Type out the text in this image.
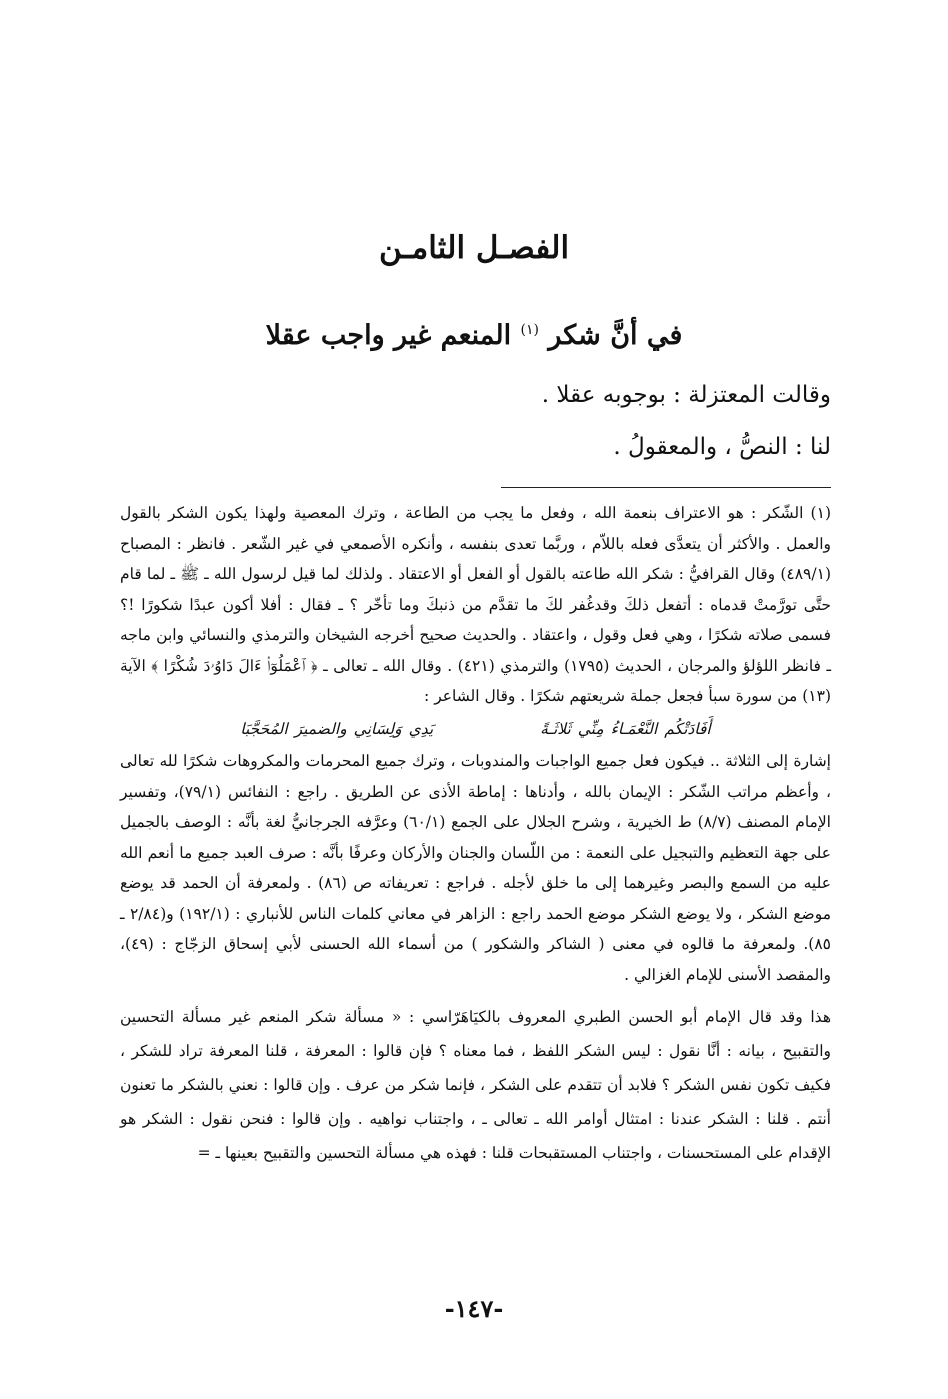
الفصـل الثامـن
في أنَّ شكر $^{(١)}$ المنعم غير واجب عقلا
وقالت المعتزلة : بوجوبه عقلا .
لنا : النصُّ ، والمعقولُ .

(١) الشّكر : هو الاعتراف بنعمة الله ، وفعل ما يجب من الطاعة ، وترك المعصية ولهذا يكون الشكر بالقول والعمل . والأكثر أن يتعدَّى فعله باللاّم ، وربَّما تعدى بنفسه ، وأنكره الأصمعي في غير الشّعر . فانظر : المصباح (٤٨٩/١) وقال القرافيُّ : شكر الله طاعته بالقول أو الفعل أو الاعتقاد . ولذلك لما قيل لرسول الله ـ ﷺ ـ لما قام حتَّى تورَّمتْ قدماه : أتفعل ذلكَ وقدغُفر لكَ ما تقدَّم من ذنبكَ وما تأخّر ؟ ـ فقال : أفلا أكون عبدًا شكورًا !؟ فسمى صلاته شكرًا ، وهي فعل وقول ، واعتقاد . والحديث صحيح أخرجه الشيخان والترمذي والنسائي وابن ماجه ـ فانظر اللؤلؤ والمرجان ، الحديث (١٧٩٥) والترمذي (٤٢١) . وقال الله ـ تعالى ـ ﴿ ٱعْمَلُوٓا۟ ءَالَ دَاوُۥدَ شُكْرًا ﴾ الآية (١٣) من سورة سبأ فجعل جملة شريعتهم شكرًا . وقال الشاعر :

أَفَادَتْكُم النَّعْمَـاءُ مِنِّي ثَلاثَـةً يَدِي وَلِسَانِي والضميرَ المُحَجَّبَا

إشارة إلى الثلاثة .. فيكون فعل جميع الواجبات والمندوبات ، وترك جميع المحرمات والمكروهات شكرًا لله تعالى ، وأعظم مراتب الشّكر : الإيمان بالله ، وأدناها : إماطة الأذى عن الطريق . راجع : النفائس (٧٩/١)، وتفسير الإمام المصنف (٨/٧) ط الخيرية ، وشرح الجلال على الجمع (٦٠/١) وعرَّفه الجرجانيُّ لغة بأنَّه : الوصف بالجميل على جهة التعظيم والتبجيل على النعمة : من اللّسان والجنان والأركان وعرفًا بأنَّه : صرف العبد جميع ما أنعم الله عليه من السمع والبصر وغيرهما إلى ما خلق لأجله . فراجع : تعريفاته ص (٨٦) . ولمعرفة أن الحمد قد يوضع موضع الشكر ، ولا يوضع الشكر موضع الحمد راجع : الزاهر في معاني كلمات الناس للأنباري : (١٩٢/١) و(٢/٨٤ ـ ٨٥). ولمعرفة ما قالوه في معنى ( الشاكر والشكور ) من أسماء الله الحسنى لأبي إسحاق الزجّاج : (٤٩)، والمقصد الأسنى للإمام الغزالي .

هذا وقد قال الإمام أبو الحسن الطبري المعروف بالكيَاهَرّاسي : « مسألة شكر المنعم غير مسألة التحسين والتقبيح ، بيانه : أنَّا نقول : ليس الشكر اللفظ ، فما معناه ؟ فإن قالوا : المعرفة ، قلنا المعرفة تراد للشكر ، فكيف تكون نفس الشكر ؟ فلابد أن تتقدم على الشكر ، فإنما شكر من عرف . وإن قالوا : نعني بالشكر ما تعنون أنتم . قلنا : الشكر عندنا : امتثال أوامر الله ـ تعالى ـ ، واجتناب نواهيه . وإن قالوا : فنحن نقول : الشكر هو الإقدام على المستحسنات ، واجتناب المستقبحات قلنا : فهذه هي مسألة التحسين والتقبيح بعينها ـ =

-١٤٧-
